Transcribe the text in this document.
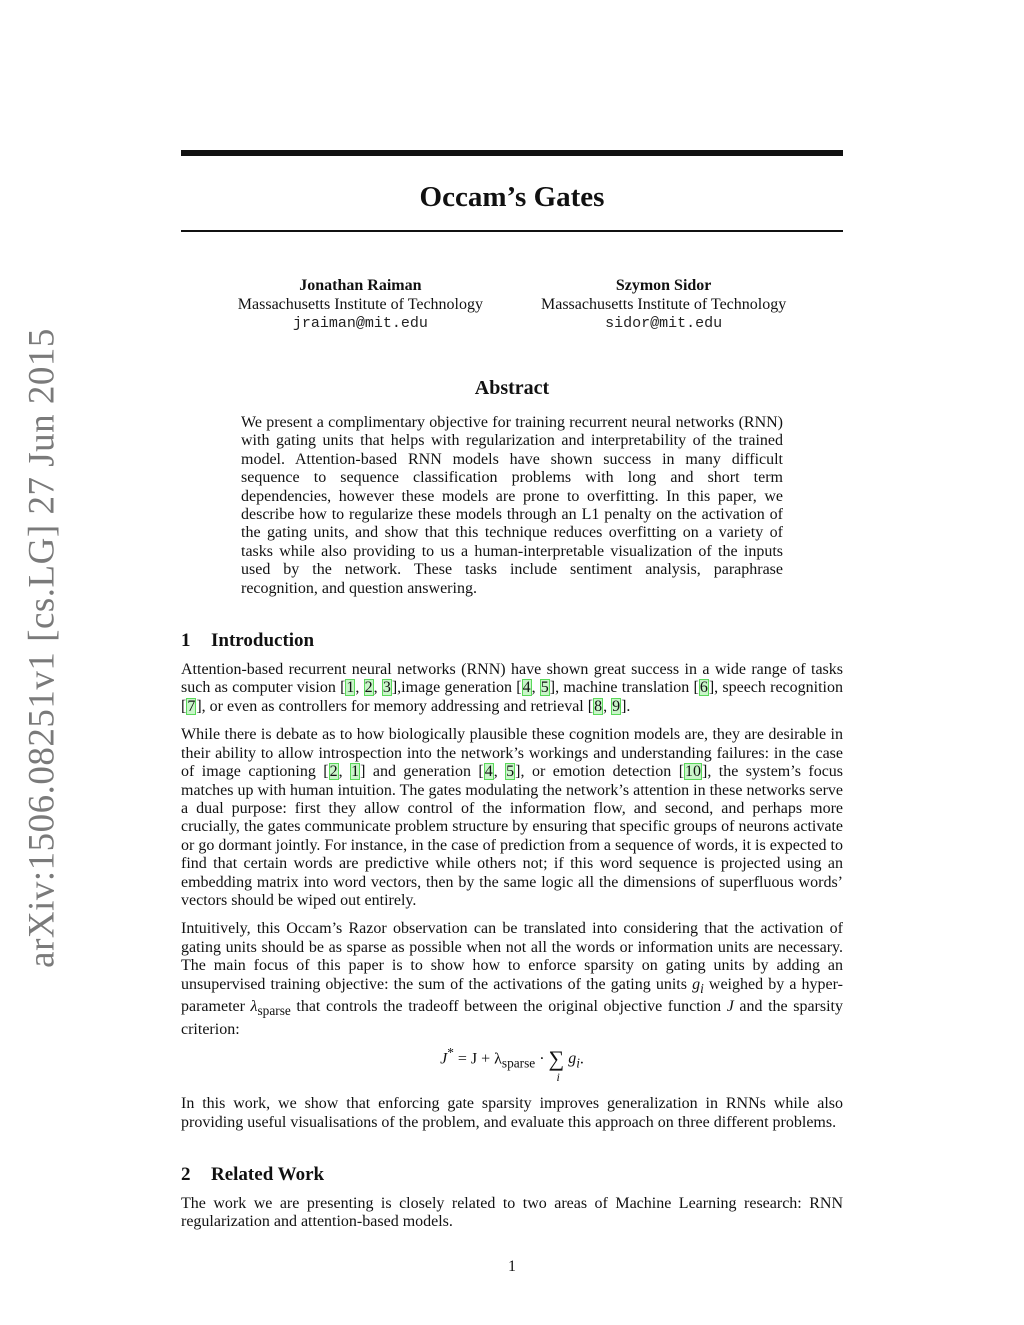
arXiv:1506.08251v1 [cs.LG] 27 Jun 2015
Occam’s Gates
Jonathan Raiman
Massachusetts Institute of Technology
jraiman@mit.edu
Szymon Sidor
Massachusetts Institute of Technology
sidor@mit.edu
Abstract
We present a complimentary objective for training recurrent neural networks (RNN) with gating units that helps with regularization and interpretability of the trained model. Attention-based RNN models have shown success in many difficult sequence to sequence classification problems with long and short term dependencies, however these models are prone to overfitting. In this paper, we describe how to regularize these models through an L1 penalty on the activation of the gating units, and show that this technique reduces overfitting on a variety of tasks while also providing to us a human-interpretable visualization of the inputs used by the network. These tasks include sentiment analysis, paraphrase recognition, and question answering.
1 Introduction
Attention-based recurrent neural networks (RNN) have shown great success in a wide range of tasks such as computer vision [1, 2, 3],image generation [4, 5], machine translation [6], speech recognition [7], or even as controllers for memory addressing and retrieval [8, 9].
While there is debate as to how biologically plausible these cognition models are, they are desirable in their ability to allow introspection into the network’s workings and understanding failures: in the case of image captioning [2, 1] and generation [4, 5], or emotion detection [10], the system’s focus matches up with human intuition. The gates modulating the network’s attention in these networks serve a dual purpose: first they allow control of the information flow, and second, and perhaps more crucially, the gates communicate problem structure by ensuring that specific groups of neurons activate or go dormant jointly. For instance, in the case of prediction from a sequence of words, it is expected to find that certain words are predictive while others not; if this word sequence is projected using an embedding matrix into word vectors, then by the same logic all the dimensions of superfluous words’ vectors should be wiped out entirely.
Intuitively, this Occam’s Razor observation can be translated into considering that the activation of gating units should be as sparse as possible when not all the words or information units are necessary. The main focus of this paper is to show how to enforce sparsity on gating units by adding an unsupervised training objective: the sum of the activations of the gating units $g_i$ weighed by a hyper-parameter $\lambda_{sparse}$ that controls the tradeoff between the original objective function J and the sparsity criterion:
$J^* = J + \lambda_{sparse}$ · ∑
i
$g_i$.
In this work, we show that enforcing gate sparsity improves generalization in RNNs while also providing useful visualisations of the problem, and evaluate this approach on three different problems.
2 Related Work
The work we are presenting is closely related to two areas of Machine Learning research: RNN regularization and attention-based models.
1
